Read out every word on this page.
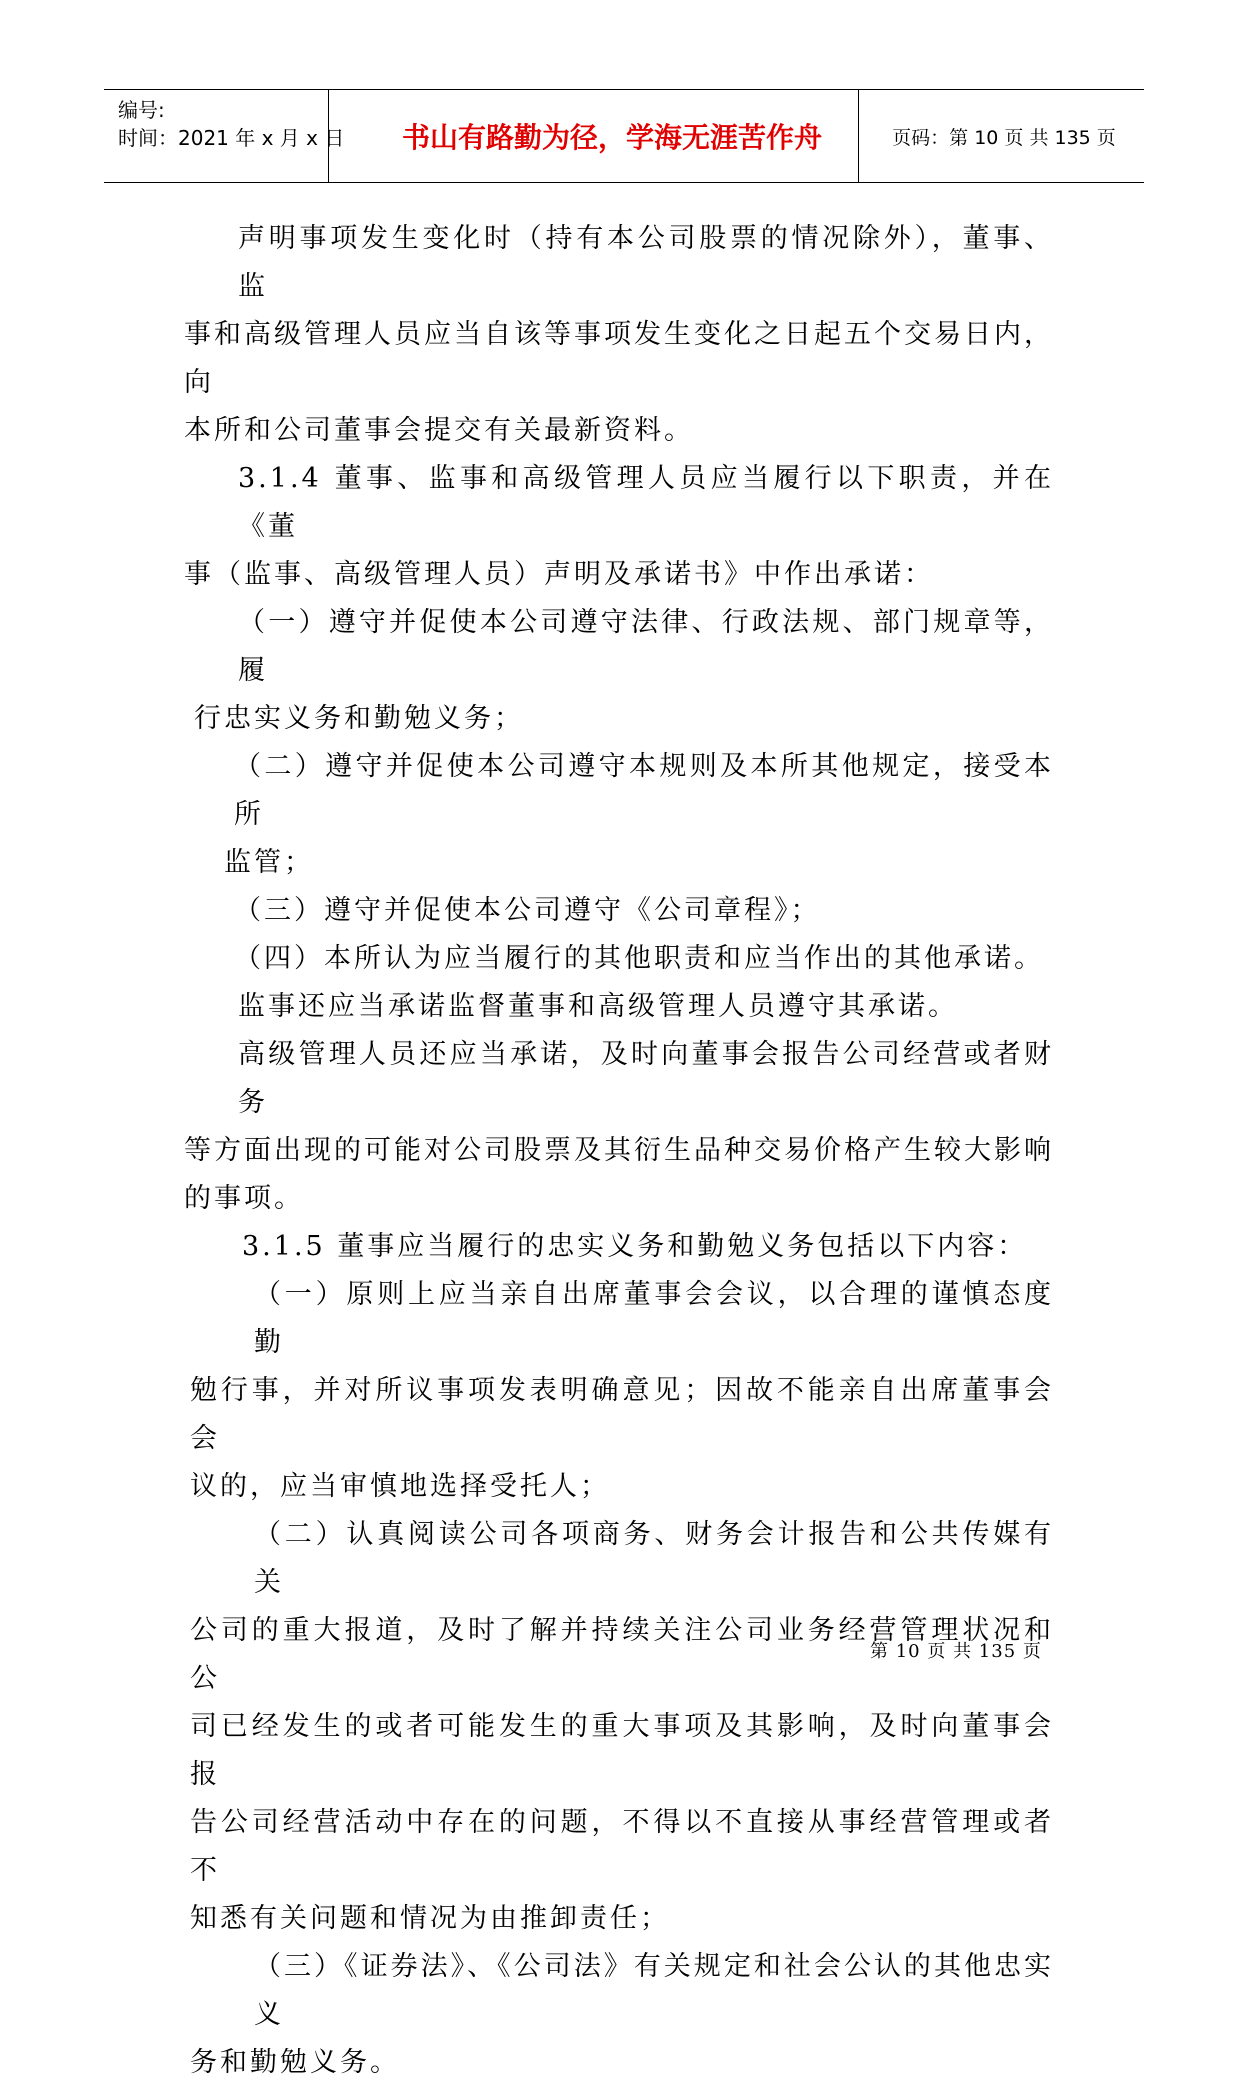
编号:
时间：2021 年 x 月 x 日	书山有路勤为径，学海无涯苦作舟	页码：第 10 页 共 135 页

声明事项发生变化时（持有本公司股票的情况除外），董事、监

事和高级管理人员应当自该等事项发生变化之日起五个交易日内，向

本所和公司董事会提交有关最新资料。

3.1.4 董事、监事和高级管理人员应当履行以下职责，并在《董

事（监事、高级管理人员）声明及承诺书》中作出承诺：

（一）遵守并促使本公司遵守法律、行政法规、部门规章等，履

行忠实义务和勤勉义务；

（二）遵守并促使本公司遵守本规则及本所其他规定，接受本所

监管；

（三）遵守并促使本公司遵守《公司章程》；

（四）本所认为应当履行的其他职责和应当作出的其他承诺。

监事还应当承诺监督董事和高级管理人员遵守其承诺。

高级管理人员还应当承诺，及时向董事会报告公司经营或者财务

等方面出现的可能对公司股票及其衍生品种交易价格产生较大影响

的事项。

3.1.5 董事应当履行的忠实义务和勤勉义务包括以下内容：

（一）原则上应当亲自出席董事会会议，以合理的谨慎态度勤

勉行事，并对所议事项发表明确意见；因故不能亲自出席董事会会

议的，应当审慎地选择受托人；

（二）认真阅读公司各项商务、财务会计报告和公共传媒有关

公司的重大报道，及时了解并持续关注公司业务经营管理状况和公

司已经发生的或者可能发生的重大事项及其影响，及时向董事会报

告公司经营活动中存在的问题，不得以不直接从事经营管理或者不

知悉有关问题和情况为由推卸责任；

（三）《证券法》、《公司法》有关规定和社会公认的其他忠实义

务和勤勉义务。

第 10 页 共 135 页
